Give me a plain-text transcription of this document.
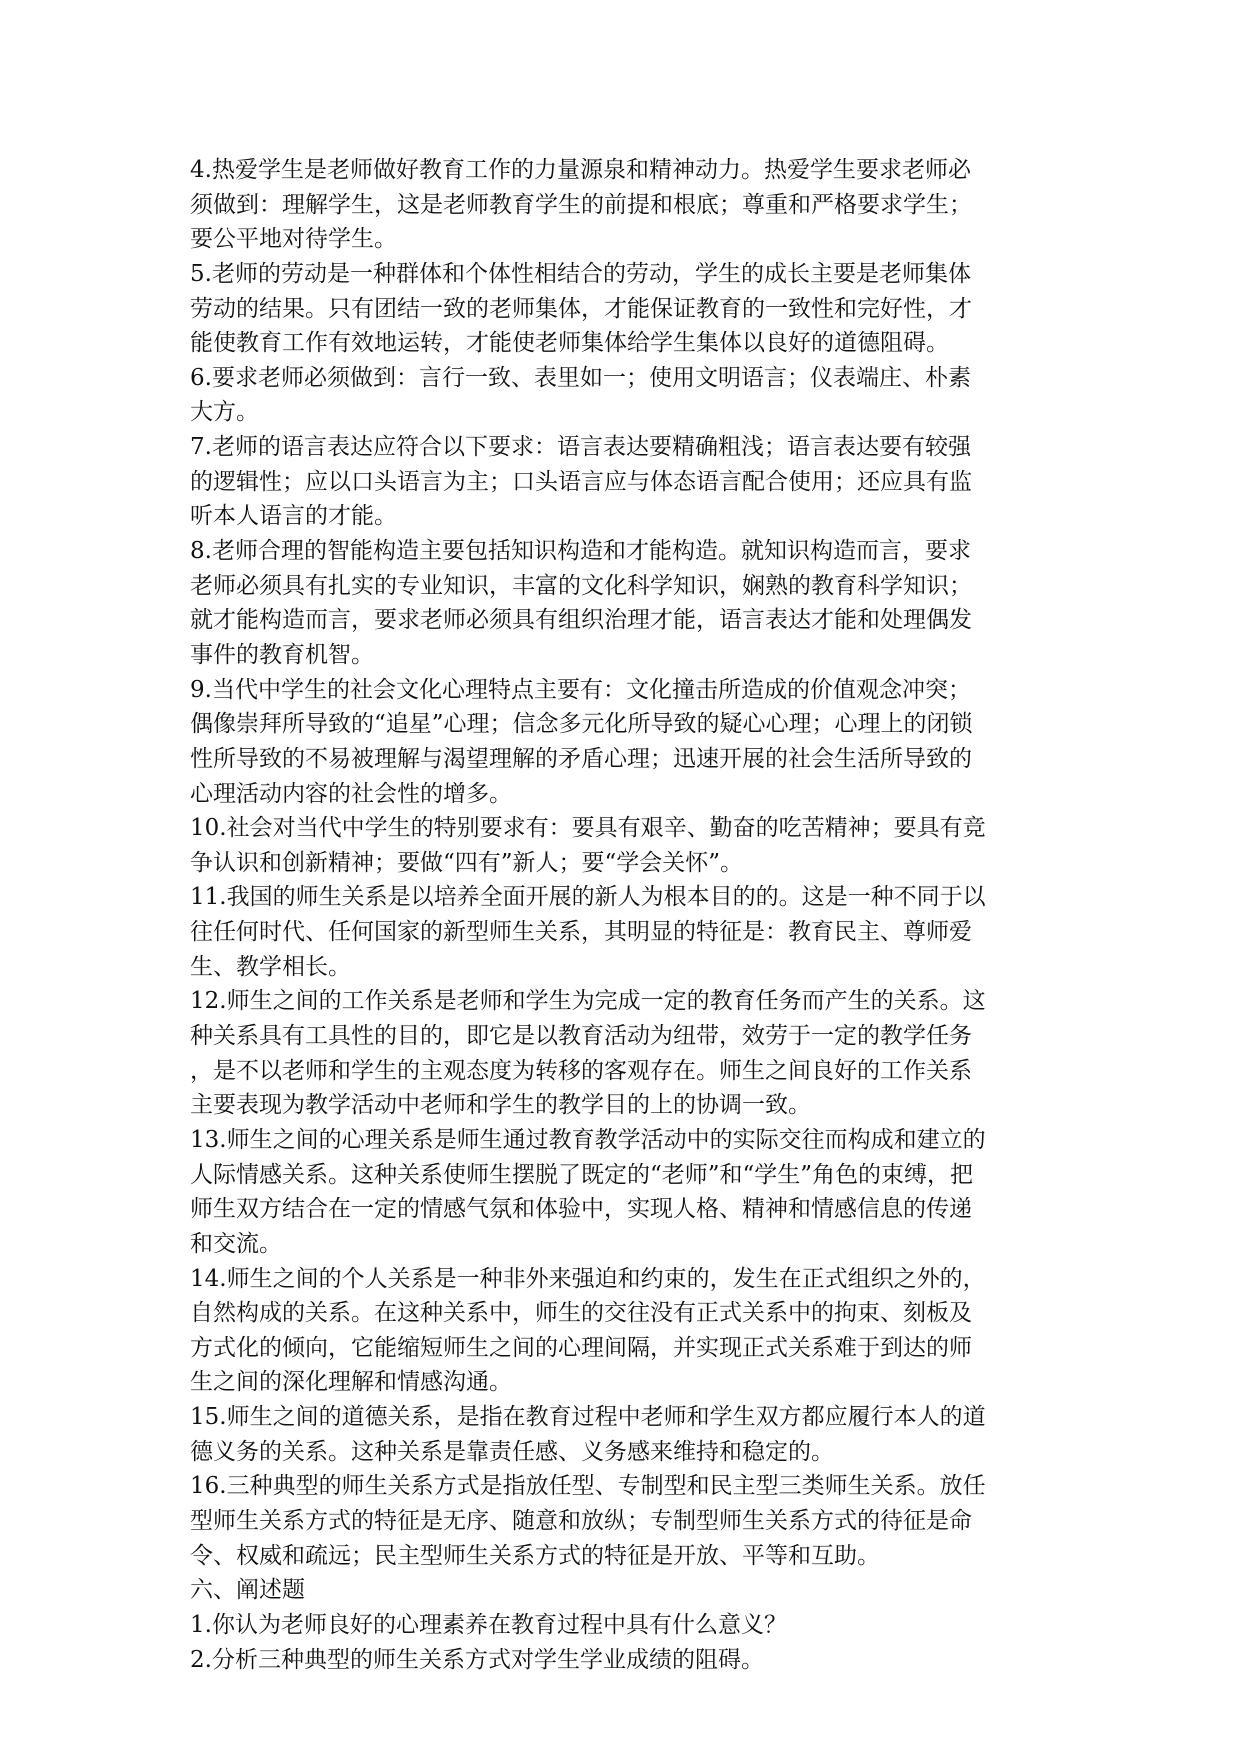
4.热爱学生是老师做好教育工作的力量源泉和精神动力。热爱学生要求老师必
须做到：理解学生，这是老师教育学生的前提和根底；尊重和严格要求学生；
要公平地对待学生。
5.老师的劳动是一种群体和个体性相结合的劳动，学生的成长主要是老师集体
劳动的结果。只有团结一致的老师集体，才能保证教育的一致性和完好性，才
能使教育工作有效地运转，才能使老师集体给学生集体以良好的道德阻碍。
6.要求老师必须做到：言行一致、表里如一；使用文明语言；仪表端庄、朴素
大方。
7.老师的语言表达应符合以下要求：语言表达要精确粗浅；语言表达要有较强
的逻辑性；应以口头语言为主；口头语言应与体态语言配合使用；还应具有监
听本人语言的才能。
8.老师合理的智能构造主要包括知识构造和才能构造。就知识构造而言，要求
老师必须具有扎实的专业知识，丰富的文化科学知识，娴熟的教育科学知识；
就才能构造而言，要求老师必须具有组织治理才能，语言表达才能和处理偶发
事件的教育机智。
9.当代中学生的社会文化心理特点主要有：文化撞击所造成的价值观念冲突；
偶像崇拜所导致的“追星”心理；信念多元化所导致的疑心心理；心理上的闭锁
性所导致的不易被理解与渴望理解的矛盾心理；迅速开展的社会生活所导致的
心理活动内容的社会性的增多。
10.社会对当代中学生的特别要求有：要具有艰辛、勤奋的吃苦精神；要具有竞
争认识和创新精神；要做“四有”新人；要“学会关怀”。
11.我国的师生关系是以培养全面开展的新人为根本目的的。这是一种不同于以
往任何时代、任何国家的新型师生关系，其明显的特征是：教育民主、尊师爱
生、教学相长。
12.师生之间的工作关系是老师和学生为完成一定的教育任务而产生的关系。这
种关系具有工具性的目的，即它是以教育活动为纽带，效劳于一定的教学任务
，是不以老师和学生的主观态度为转移的客观存在。师生之间良好的工作关系
主要表现为教学活动中老师和学生的教学目的上的协调一致。
13.师生之间的心理关系是师生通过教育教学活动中的实际交往而构成和建立的
人际情感关系。这种关系使师生摆脱了既定的“老师”和“学生”角色的束缚，把
师生双方结合在一定的情感气氛和体验中，实现人格、精神和情感信息的传递
和交流。
14.师生之间的个人关系是一种非外来强迫和约束的，发生在正式组织之外的，
自然构成的关系。在这种关系中，师生的交往没有正式关系中的拘束、刻板及
方式化的倾向，它能缩短师生之间的心理间隔，并实现正式关系难于到达的师
生之间的深化理解和情感沟通。
15.师生之间的道德关系，是指在教育过程中老师和学生双方都应履行本人的道
德义务的关系。这种关系是靠责任感、义务感来维持和稳定的。
16.三种典型的师生关系方式是指放任型、专制型和民主型三类师生关系。放任
型师生关系方式的特征是无序、随意和放纵；专制型师生关系方式的待征是命
令、权威和疏远；民主型师生关系方式的特征是开放、平等和互助。
六、阐述题
1.你认为老师良好的心理素养在教育过程中具有什么意义？
2.分析三种典型的师生关系方式对学生学业成绩的阻碍。
